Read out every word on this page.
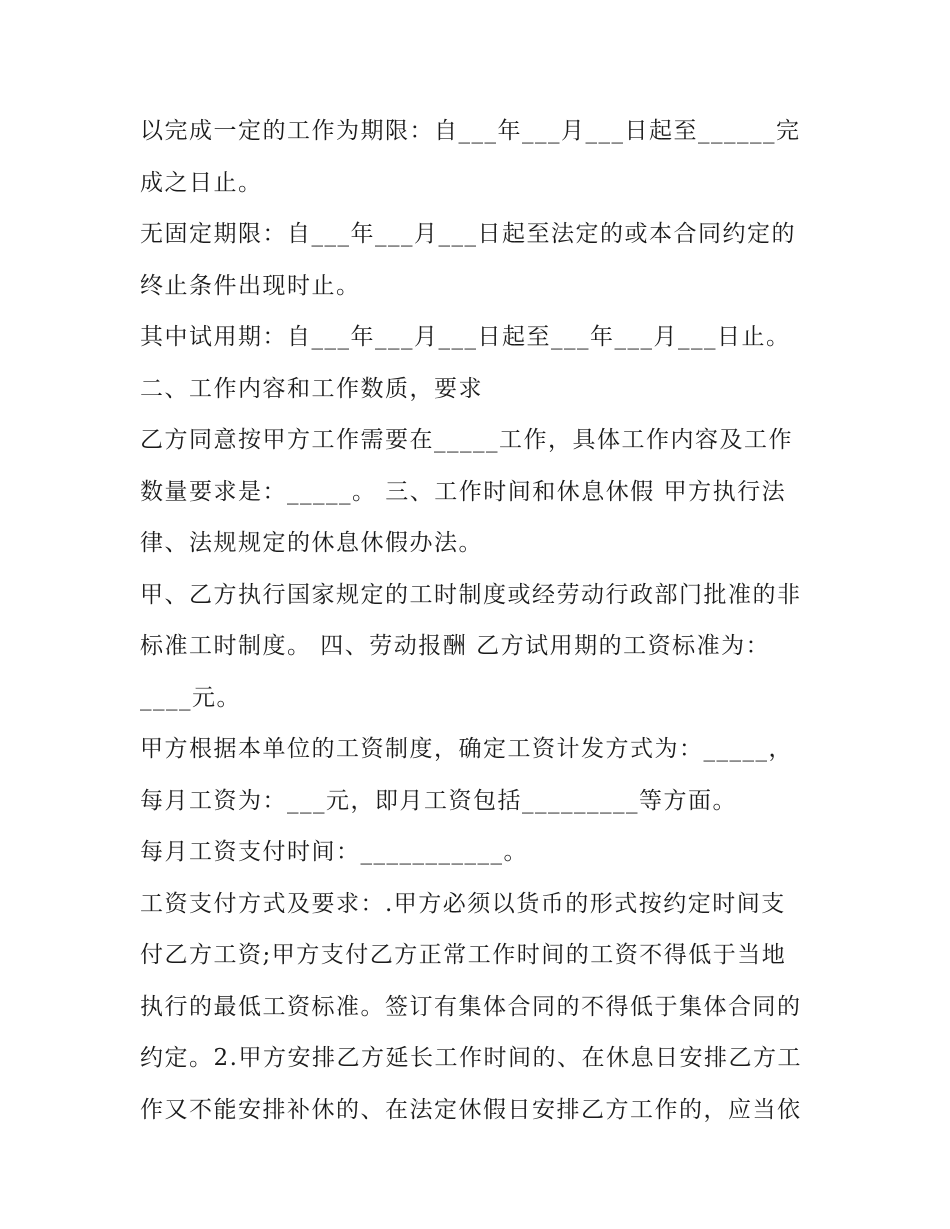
以完成一定的工作为期限：自___年___月___日起至______完
成之日止。
无固定期限：自___年___月___日起至法定的或本合同约定的
终止条件出现时止。
其中试用期：自___年___月___日起至___年___月___日止。
二、工作内容和工作数质，要求
乙方同意按甲方工作需要在_____工作，具体工作内容及工作
数量要求是：_____。 三、工作时间和休息休假 甲方执行法
律、法规规定的休息休假办法。
甲、乙方执行国家规定的工时制度或经劳动行政部门批准的非
标准工时制度。 四、劳动报酬 乙方试用期的工资标准为：
____元。
甲方根据本单位的工资制度，确定工资计发方式为：_____，
每月工资为：___元，即月工资包括_________等方面。
每月工资支付时间：___________。
工资支付方式及要求：.甲方必须以货币的形式按约定时间支
付乙方工资;甲方支付乙方正常工作时间的工资不得低于当地
执行的最低工资标准。签订有集体合同的不得低于集体合同的
约定。2.甲方安排乙方延长工作时间的、在休息日安排乙方工
作又不能安排补休的、在法定休假日安排乙方工作的，应当依
